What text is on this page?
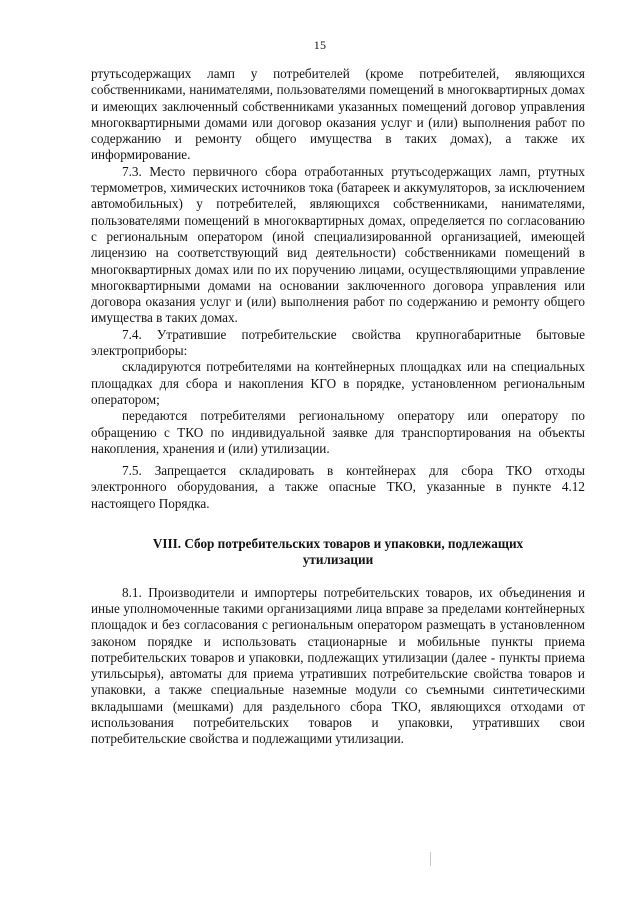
15

ртутьсодержащих ламп у потребителей (кроме потребителей, являющихся собственниками, нанимателями, пользователями помещений в многоквартирных домах и имеющих заключенный собственниками указанных помещений договор управления многоквартирными домами или договор оказания услуг и (или) выполнения работ по содержанию и ремонту общего имущества в таких домах), а также их информирование.

7.3. Место первичного сбора отработанных ртутьсодержащих ламп, ртутных термометров, химических источников тока (батареек и аккумуляторов, за исключением автомобильных) у потребителей, являющихся собственниками, нанимателями, пользователями помещений в многоквартирных домах, определяется по согласованию с региональным оператором (иной специализированной организацией, имеющей лицензию на соответствующий вид деятельности) собственниками помещений в многоквартирных домах или по их поручению лицами, осуществляющими управление многоквартирными домами на основании заключенного договора управления или договора оказания услуг и (или) выполнения работ по содержанию и ремонту общего имущества в таких домах.

7.4. Утратившие потребительские свойства крупногабаритные бытовые электроприборы:

складируются потребителями на контейнерных площадках или на специальных площадках для сбора и накопления КГО в порядке, установленном региональным оператором;

передаются потребителями региональному оператору или оператору по обращению с ТКО по индивидуальной заявке для транспортирования на объекты накопления, хранения и (или) утилизации.

7.5. Запрещается складировать в контейнерах для сбора ТКО отходы электронного оборудования, а также опасные ТКО, указанные в пункте 4.12 настоящего Порядка.

VIII. Сбор потребительских товаров и упаковки, подлежащих
утилизации

8.1. Производители и импортеры потребительских товаров, их объединения и иные уполномоченные такими организациями лица вправе за пределами контейнерных площадок и без согласования с региональным оператором размещать в установленном законом порядке и использовать стационарные и мобильные пункты приема потребительских товаров и упаковки, подлежащих утилизации (далее - пункты приема утильсырья), автоматы для приема утративших потребительские свойства товаров и упаковки, а также специальные наземные модули со съемными синтетическими вкладышами (мешками) для раздельного сбора ТКО, являющихся отходами от использования потребительских товаров и упаковки, утративших свои потребительские свойства и подлежащими утилизации.
